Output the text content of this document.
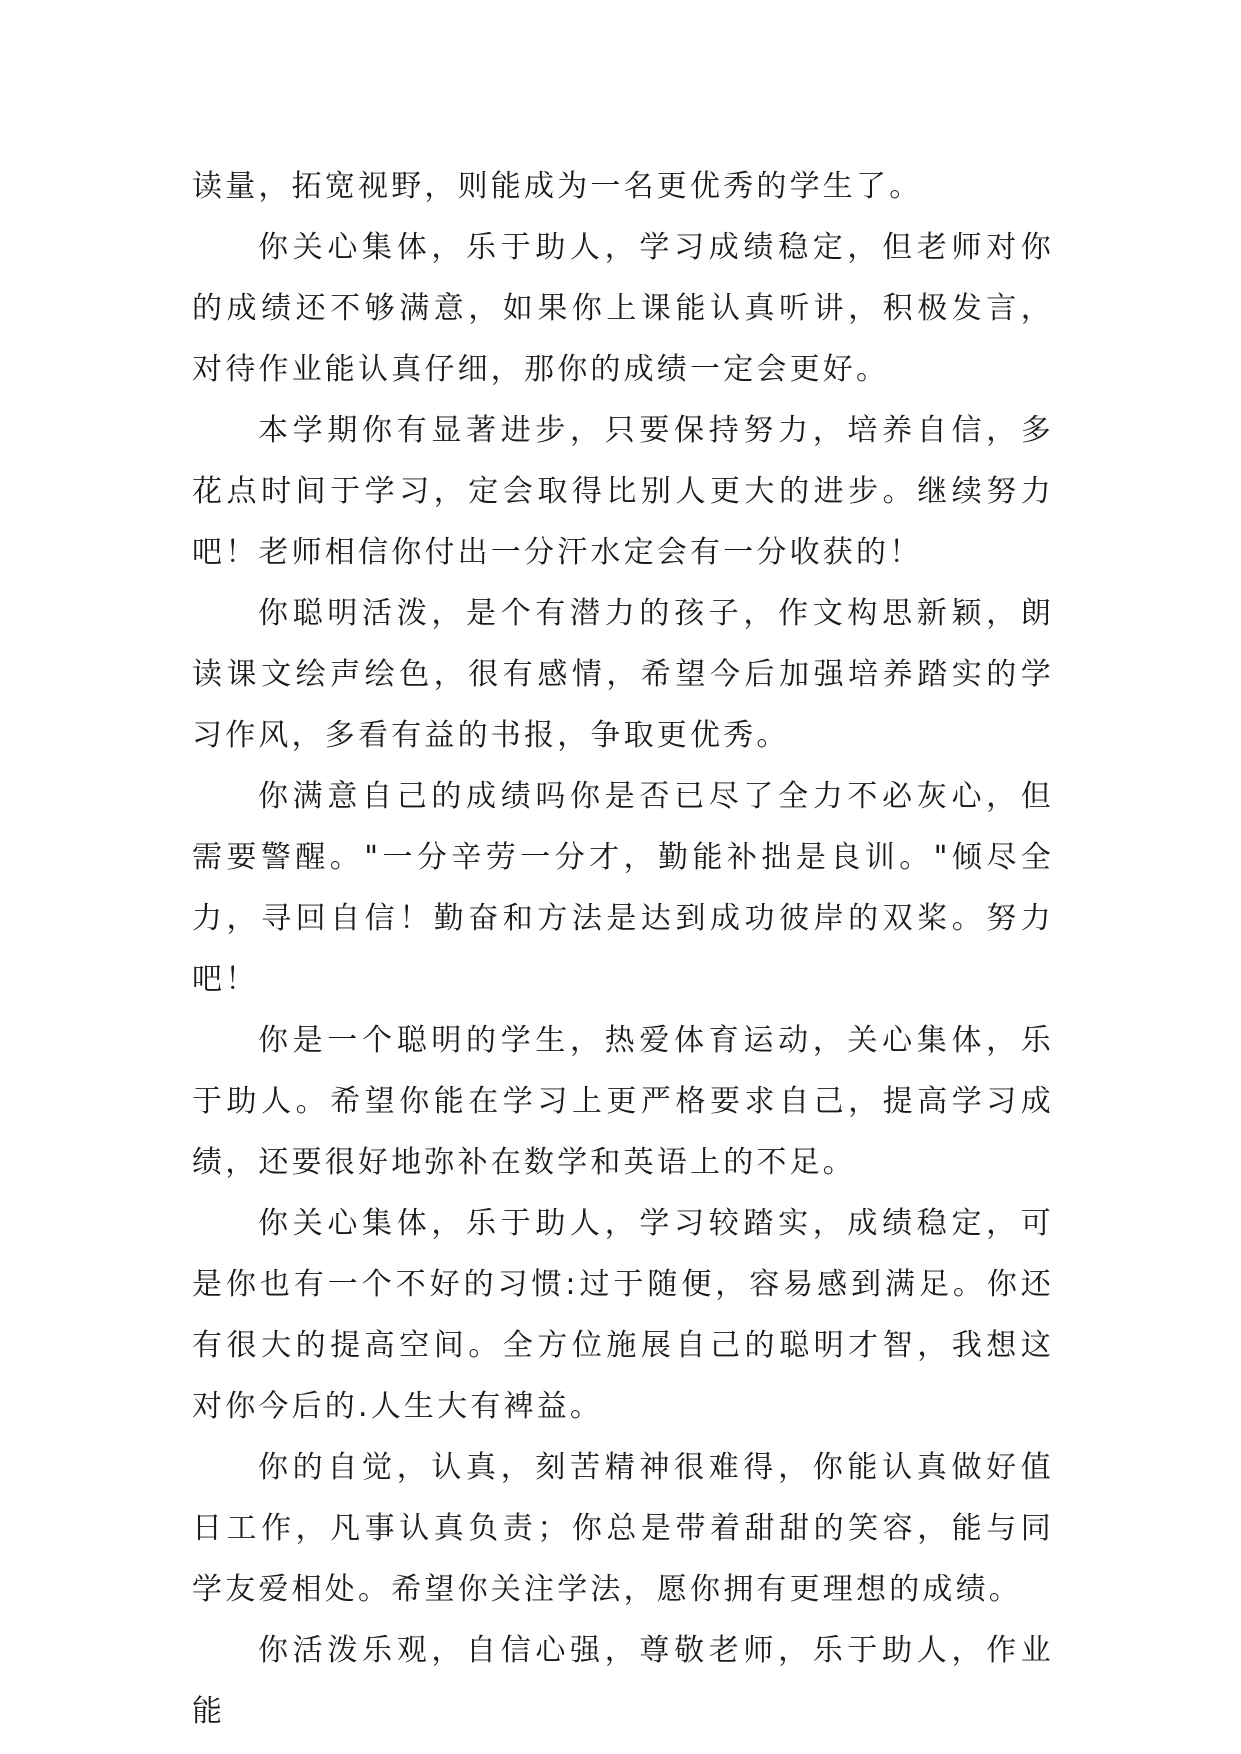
读量，拓宽视野，则能成为一名更优秀的学生了。

你关心集体，乐于助人，学习成绩稳定，但老师对你的成绩还不够满意，如果你上课能认真听讲，积极发言，对待作业能认真仔细，那你的成绩一定会更好。

本学期你有显著进步，只要保持努力，培养自信，多花点时间于学习，定会取得比别人更大的进步。继续努力吧！老师相信你付出一分汗水定会有一分收获的！

你聪明活泼，是个有潜力的孩子，作文构思新颖，朗读课文绘声绘色，很有感情，希望今后加强培养踏实的学习作风，多看有益的书报，争取更优秀。

你满意自己的成绩吗你是否已尽了全力不必灰心，但需要警醒。"一分辛劳一分才，勤能补拙是良训。"倾尽全力，寻回自信！勤奋和方法是达到成功彼岸的双桨。努力吧！

你是一个聪明的学生，热爱体育运动，关心集体，乐于助人。希望你能在学习上更严格要求自己，提高学习成绩，还要很好地弥补在数学和英语上的不足。

你关心集体，乐于助人，学习较踏实，成绩稳定，可是你也有一个不好的习惯:过于随便，容易感到满足。你还有很大的提高空间。全方位施展自己的聪明才智，我想这对你今后的.人生大有裨益。

你的自觉，认真，刻苦精神很难得，你能认真做好值日工作，凡事认真负责；你总是带着甜甜的笑容，能与同学友爱相处。希望你关注学法，愿你拥有更理想的成绩。

你活泼乐观，自信心强，尊敬老师，乐于助人，作业能
